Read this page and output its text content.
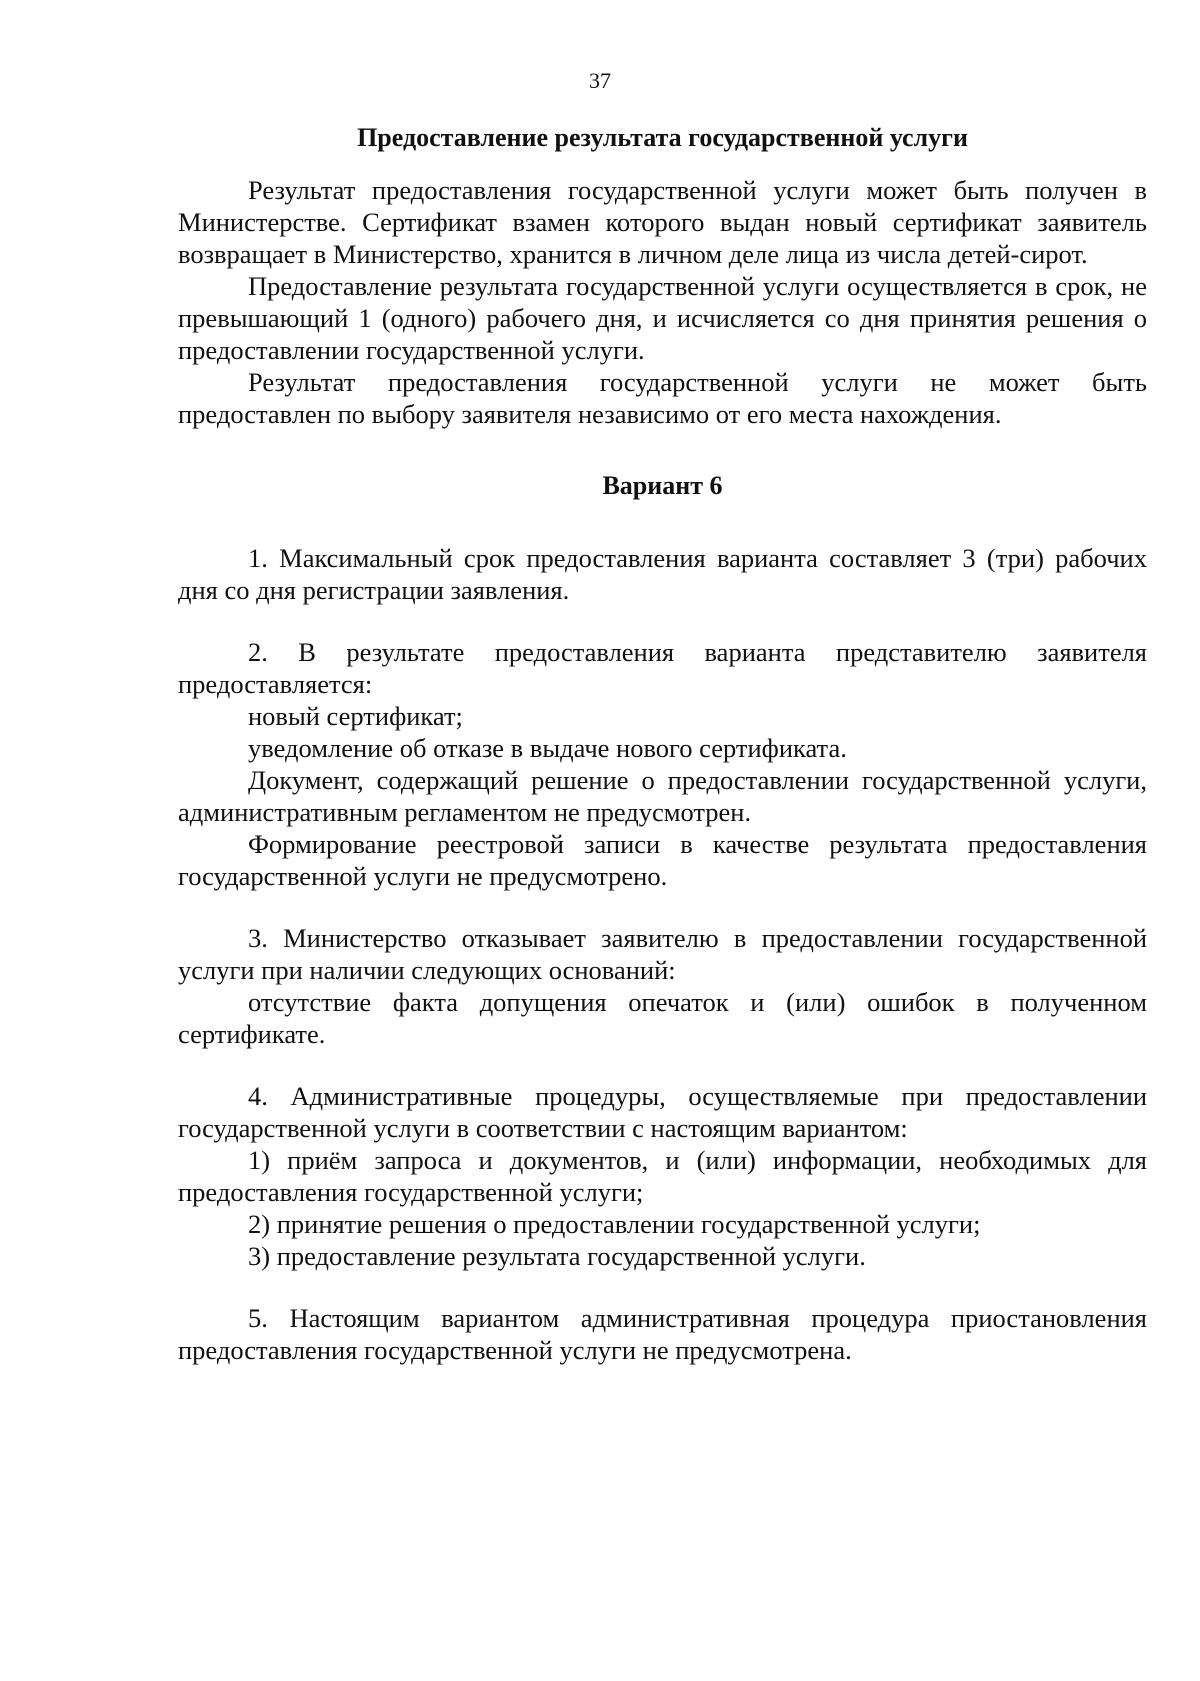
37
Предоставление результата государственной услуги

Результат предоставления государственной услуги может быть получен в Министерстве. Сертификат взамен которого выдан новый сертификат заявитель возвращает в Министерство, хранится в личном деле лица из числа детей-сирот.

Предоставление результата государственной услуги осуществляется в срок, не превышающий 1 (одного) рабочего дня, и исчисляется со дня принятия решения о предоставлении государственной услуги.

Результат предоставления государственной услуги не может быть предоставлен по выбору заявителя независимо от его места нахождения.

Вариант 6

1. Максимальный срок предоставления варианта составляет 3 (три) рабочих дня со дня регистрации заявления.

2. В результате предоставления варианта представителю заявителя предоставляется:

новый сертификат;

уведомление об отказе в выдаче нового сертификата.

Документ, содержащий решение о предоставлении государственной услуги, административным регламентом не предусмотрен.

Формирование реестровой записи в качестве результата предоставления государственной услуги не предусмотрено.

3. Министерство отказывает заявителю в предоставлении государственной услуги при наличии следующих оснований:

отсутствие факта допущения опечаток и (или) ошибок в полученном сертификате.

4. Административные процедуры, осуществляемые при предоставлении государственной услуги в соответствии с настоящим вариантом:

1) приём запроса и документов, и (или) информации, необходимых для предоставления государственной услуги;

2) принятие решения о предоставлении государственной услуги;

3) предоставление результата государственной услуги.

5. Настоящим вариантом административная процедура приостановления предоставления государственной услуги не предусмотрена.
